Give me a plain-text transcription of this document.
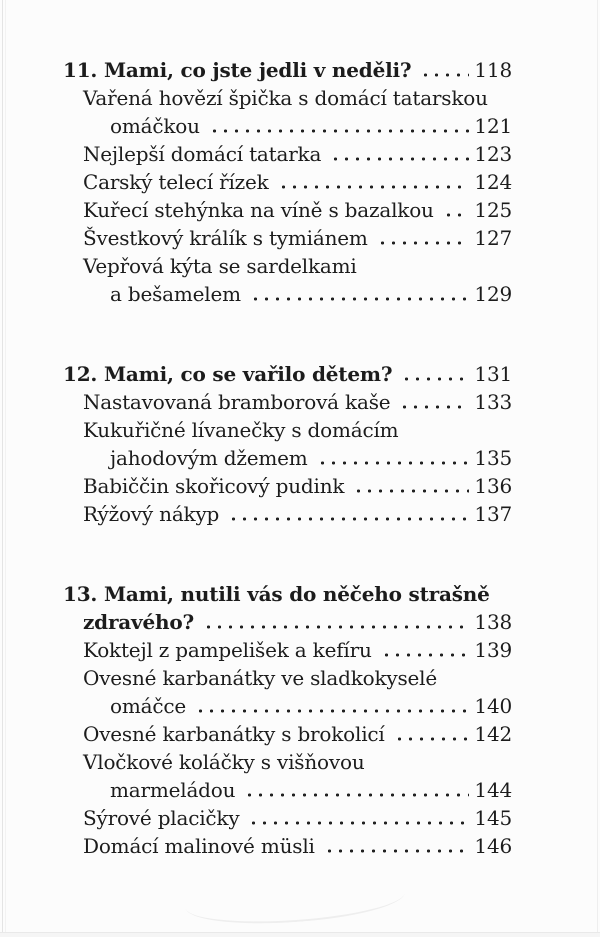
11. Mami, co jste jedli v neděli?	118
Vařená hovězí špička s domácí tatarskou
omáčkou	121
Nejlepší domácí tatarka	123
Carský telecí řízek	124
Kuřecí stehýnka na víně s bazalkou 125
Švestkový králík s tymiánem	127
Vepřová kýta se sardelkami
a bešamelem	129
12. Mami, co se vařilo dětem?	131
Nastavovaná bramborová kaše	133
Kukuřičné lívanečky s domácím
jahodovým džemem	135
Babiččin skořicový pudink	136
Rýžový nákyp	137
13. Mami, nutili vás do něčeho strašně
zdravého?	138
Koktejl z pampelišek a kefíru	139
Ovesné karbanátky ve sladkokyselé
omáčce	140
Ovesné karbanátky s brokolicí	142
Vločkové koláčky s višňovou
marmeládou	144
Sýrové placičky	145
Domácí malinové müsli	146
